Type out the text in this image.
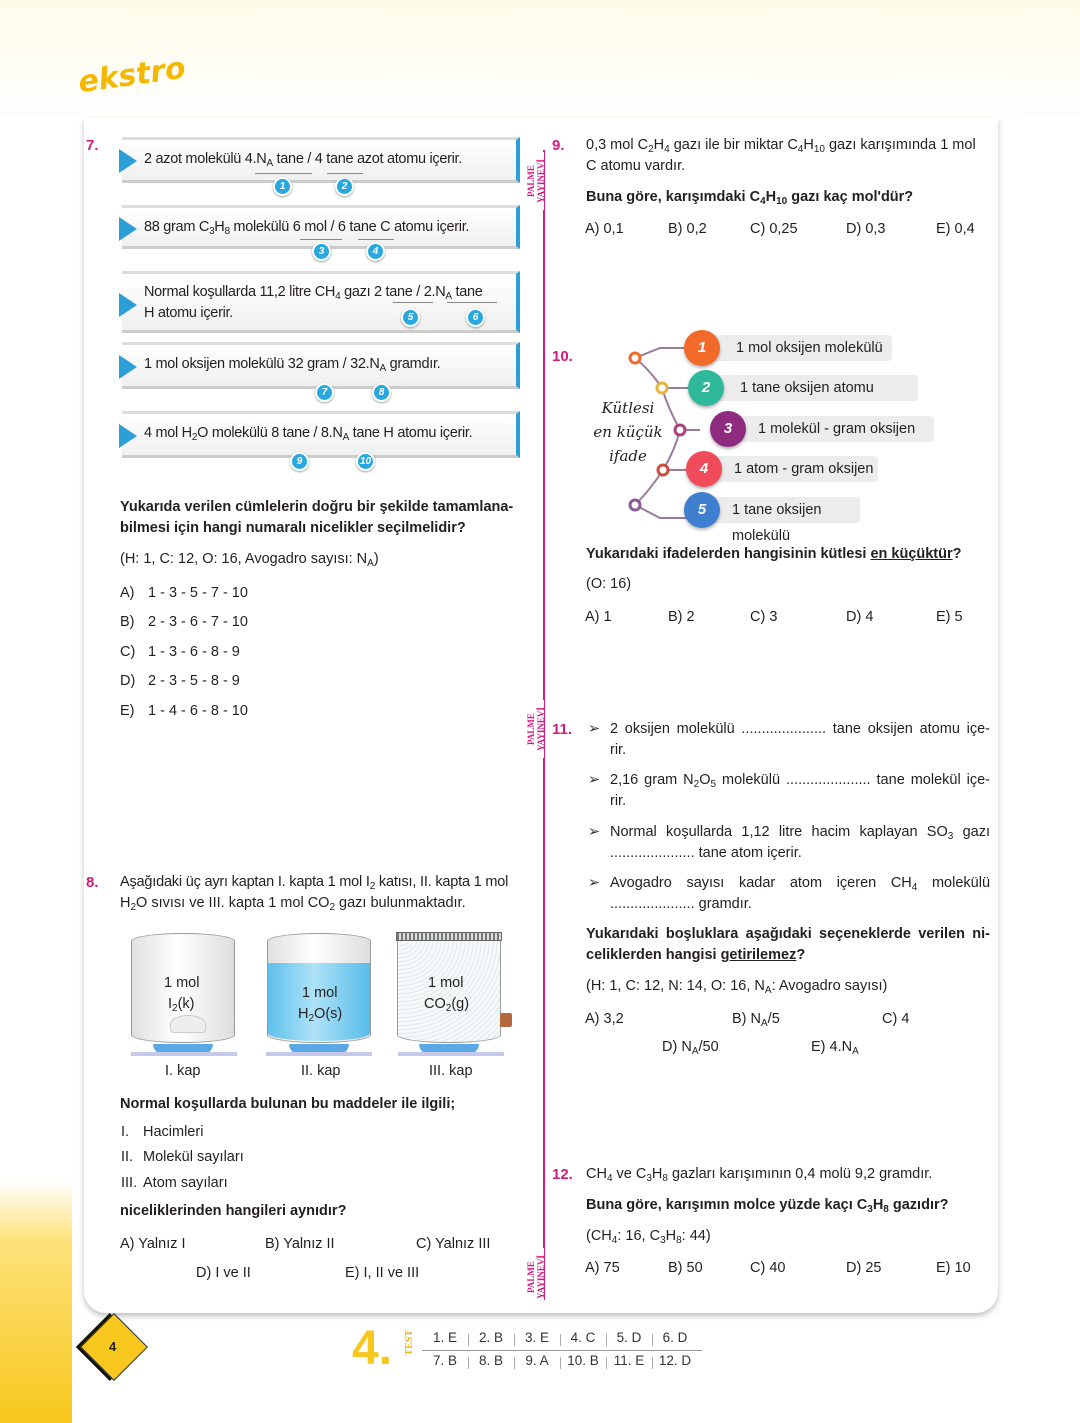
ekstro
PALME YAYINEVİ
PALME YAYINEVİ
PALME YAYINEVİ
7.
2 azot molekülü $4.N_A$ tane / 4 tane azot atomu içerir.
88 gram $C_3H_8$ molekülü 6 mol / 6 tane C atomu içerir.
Normal koşullarda 11,2 litre $CH_4$ gazı 2 tane / $2.N_A$ tane
H atomu içerir.
1 mol oksijen molekülü 32 gram / $32.N_A$ gramdır.
4 mol $H_2O$ molekülü 8 tane / $8.N_A$ tane H atomu içerir.
1	2
3	4
5	6
7	8
9	10
Yukarıda verilen cümlelerin doğru bir şekilde tamamlana-
bilmesi için hangi numaralı nicelikler seçilmelidir?
(H: 1, C: 12, O: 16, Avogadro sayısı: $N_A$)
A) 1 - 3 - 5 - 7 - 10
B) 2 - 3 - 6 - 7 - 10
C) 1 - 3 - 6 - 8 - 9
D) 2 - 3 - 5 - 8 - 9
E) 1 - 4 - 6 - 8 - 10
8. Aşağıdaki üç ayrı kaptan I. kapta 1 mol $I_2$ katısı, II. kapta 1 mol
$H_2O$ sıvısı ve III. kapta 1 mol $CO_2$ gazı bulunmaktadır.
1 mol
$I_2(k)$
1 mol
$H_2O(s)$
1 mol
$CO_2(g)$
I. kap	II. kap	III. kap
Normal koşullarda bulunan bu maddeler ile ilgili;
I. Hacimleri
II. Molekül sayıları
III. Atom sayıları
niceliklerinden hangileri aynıdır?
A) Yalnız I	B) Yalnız II	C) Yalnız III
D) I ve II	E) I, II ve III
9. 0,3 mol $C_2H_4$ gazı ile bir miktar $C_4H_{10}$ gazı karışımında 1 mol
C atomu vardır.
Buna göre, karışımdaki $C_4H_{10}$ gazı kaç mol'dür?
A) 0,1	B) 0,2	C) 0,25	D) 0,3	E) 0,4
10.
Kütlesi
en küçük
ifade
1 mol oksijen molekülü
1
1 tane oksijen atomu
2
1 molekül - gram oksijen
3
1 atom - gram oksijen
4
1 tane oksijen molekülü
5
Yukarıdaki ifadelerden hangisinin kütlesi en küçüktür?
(O: 16)
A) 1	B) 2	C) 3	D) 4	E) 5
11. ➢ 2 oksijen molekülü ..................... tane oksijen atomu içe-
rir.
➢ 2,16 gram $N_2O_5$ molekülü ..................... tane molekül içe-
rir.
➢ Normal koşullarda 1,12 litre hacim kaplayan $SO_3$ gazı
..................... tane atom içerir.
➢ Avogadro sayısı kadar atom içeren $CH_4$ molekülü
..................... gramdır.
Yukarıdaki boşluklara aşağıdaki seçeneklerde verilen ni-
celiklerden hangisi getirilemez?
(H: 1, C: 12, N: 14, O: 16, $N_A$: Avogadro sayısı)
A) 3,2	B) $N_A/5$	C) 4
D) $N_A/50$	E) $4.N_A$
12. $CH_4$ ve $C_3H_8$ gazları karışımının 0,4 molü 9,2 gramdır.
Buna göre, karışımın molce yüzde kaçı $C_3H_8$ gazıdır?
($CH_4$: 16, $C_3H_8$: 44)
A) 75	B) 50	C) 40	D) 25	E) 10
4	4. TEST	1. E	2. B	3. E	4. C	5. D	6. D
7. B	8. B	9. A	10. B	11. E	12. D
